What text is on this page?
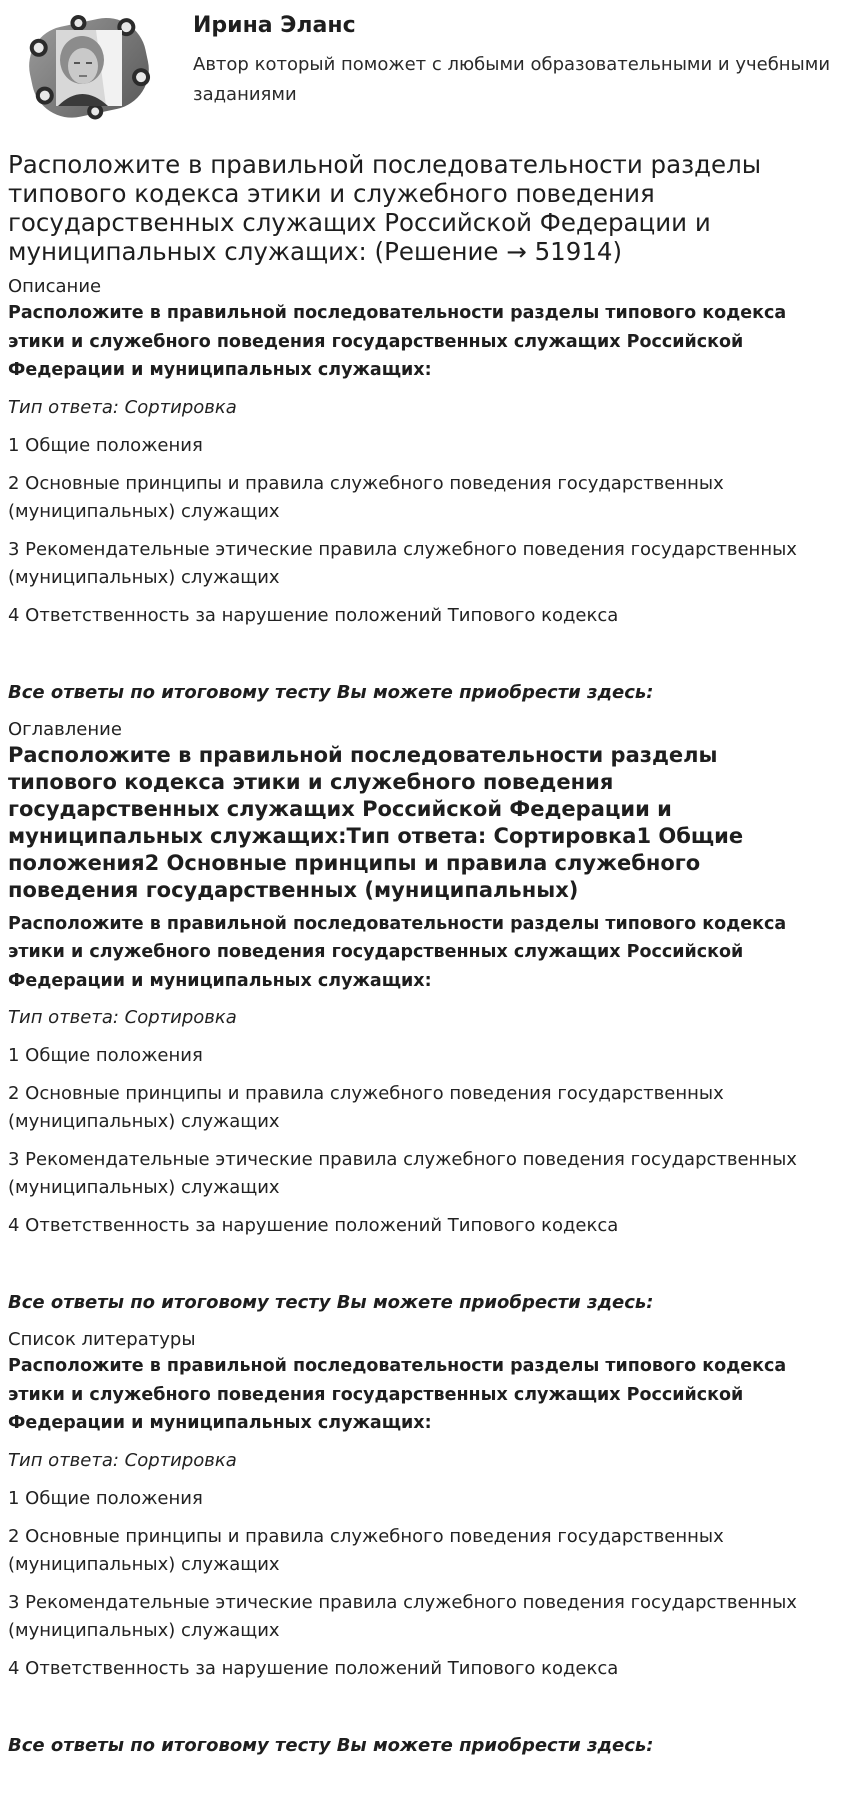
Ирина Эланс

Автор который поможет с любыми образовательными и учебными заданиями

Расположите в правильной последовательности разделы типового кодекса этики и служебного поведения государственных служащих Российской Федерации и муниципальных служащих: (Решение → 51914)

Описание

Расположите в правильной последовательности разделы типового кодекса этики и служебного поведения государственных служащих Российской Федерации и муниципальных служащих:

Тип ответа: Сортировка

1 Общие положения

2 Основные принципы и правила служебного поведения государственных (муниципальных) служащих

3 Рекомендательные этические правила служебного поведения государственных (муниципальных) служащих

4 Ответственность за нарушение положений Типового кодекса

Все ответы по итоговому тесту Вы можете приобрести здесь:

Оглавление

Расположите в правильной последовательности разделы типового кодекса этики и служебного поведения государственных служащих Российской Федерации и муниципальных служащих:Тип ответа: Сортировка1 Общие положения2 Основные принципы и правила служебного поведения государственных (муниципальных)

Расположите в правильной последовательности разделы типового кодекса этики и служебного поведения государственных служащих Российской Федерации и муниципальных служащих:

Тип ответа: Сортировка

1 Общие положения

2 Основные принципы и правила служебного поведения государственных (муниципальных) служащих

3 Рекомендательные этические правила служебного поведения государственных (муниципальных) служащих

4 Ответственность за нарушение положений Типового кодекса

Все ответы по итоговому тесту Вы можете приобрести здесь:

Список литературы

Расположите в правильной последовательности разделы типового кодекса этики и служебного поведения государственных служащих Российской Федерации и муниципальных служащих:

Тип ответа: Сортировка

1 Общие положения

2 Основные принципы и правила служебного поведения государственных (муниципальных) служащих

3 Рекомендательные этические правила служебного поведения государственных (муниципальных) служащих

4 Ответственность за нарушение положений Типового кодекса

Все ответы по итоговому тесту Вы можете приобрести здесь:
